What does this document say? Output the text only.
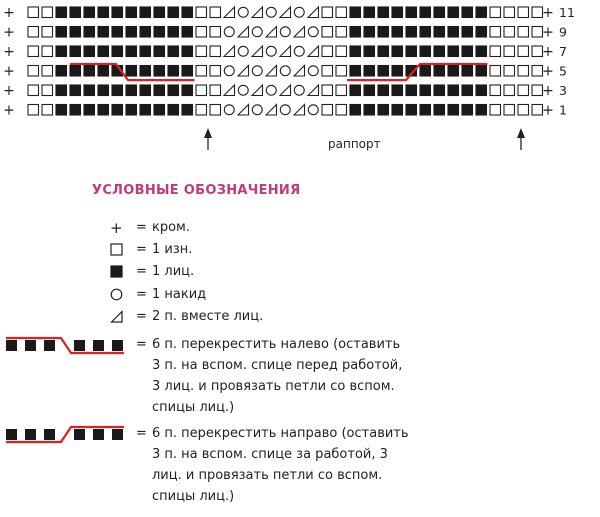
+
+
+
+
+
+
+ 11
+ 9
+ 7
+ 5
+ 3
+ 1
раппорт
УСЛОВНЫЕ ОБОЗНАЧЕНИЯ
+ = кром.
= 1 изн.
= 1 лиц.
= 1 накид
= 2 п. вместе лиц.
= 6 п. перекрестить налево (оставить
3 п. на вспом. спице перед работой,
3 лиц. и провязать петли со вспом.
спицы лиц.)
= 6 п. перекрестить направо (оставить
3 п. на вспом. спице за работой, 3
лиц. и провязать петли со вспом.
спицы лиц.)
